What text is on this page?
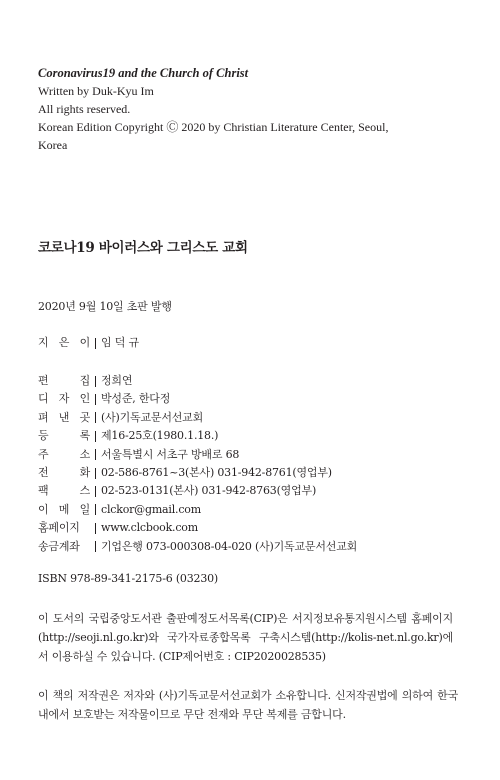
Coronavirus19 and the Church of Christ
Written by Duk-Kyu Im
All rights reserved.
Korean Edition Copyright Ⓒ 2020 by Christian Literature Center, Seoul,
Korea
코로나19 바이러스와 그리스도 교회
2020년 9월 10일 초판 발행
지 은 이 임 덕 규
편 집 정희연
디 자 인 박성준, 한다정
펴 낸 곳 (사)기독교문서선교회
등 록 제16-25호(1980.1.18.)
주 소 서울특별시 서초구 방배로 68
전 화 02-586-8761~3(본사) 031-942-8761(영업부)
팩 스 02-523-0131(본사) 031-942-8763(영업부)
이 메 일 clckor@gmail.com
홈페이지	www.clcbook.com
송금계좌	기업은행 073-000308-04-020 (사)기독교문서선교회
ISBN 978-89-341-2175-6 (03230)
이 도서의 국립중앙도서관 출판예정도서목록(CIP)은 서지정보유통지원시스템 홈페이지(http://seoji.nl.go.kr)와 국가자료종합목록 구축시스템(http://kolis-net.nl.go.kr)에서 이용하실 수 있습니다. (CIP제어번호 : CIP2020028535)
이 책의 저작권은 저자와 (사)기독교문서선교회가 소유합니다. 신저작권법에 의하여 한국 내에서 보호받는 저작물이므로 무단 전재와 무단 복제를 금합니다.
